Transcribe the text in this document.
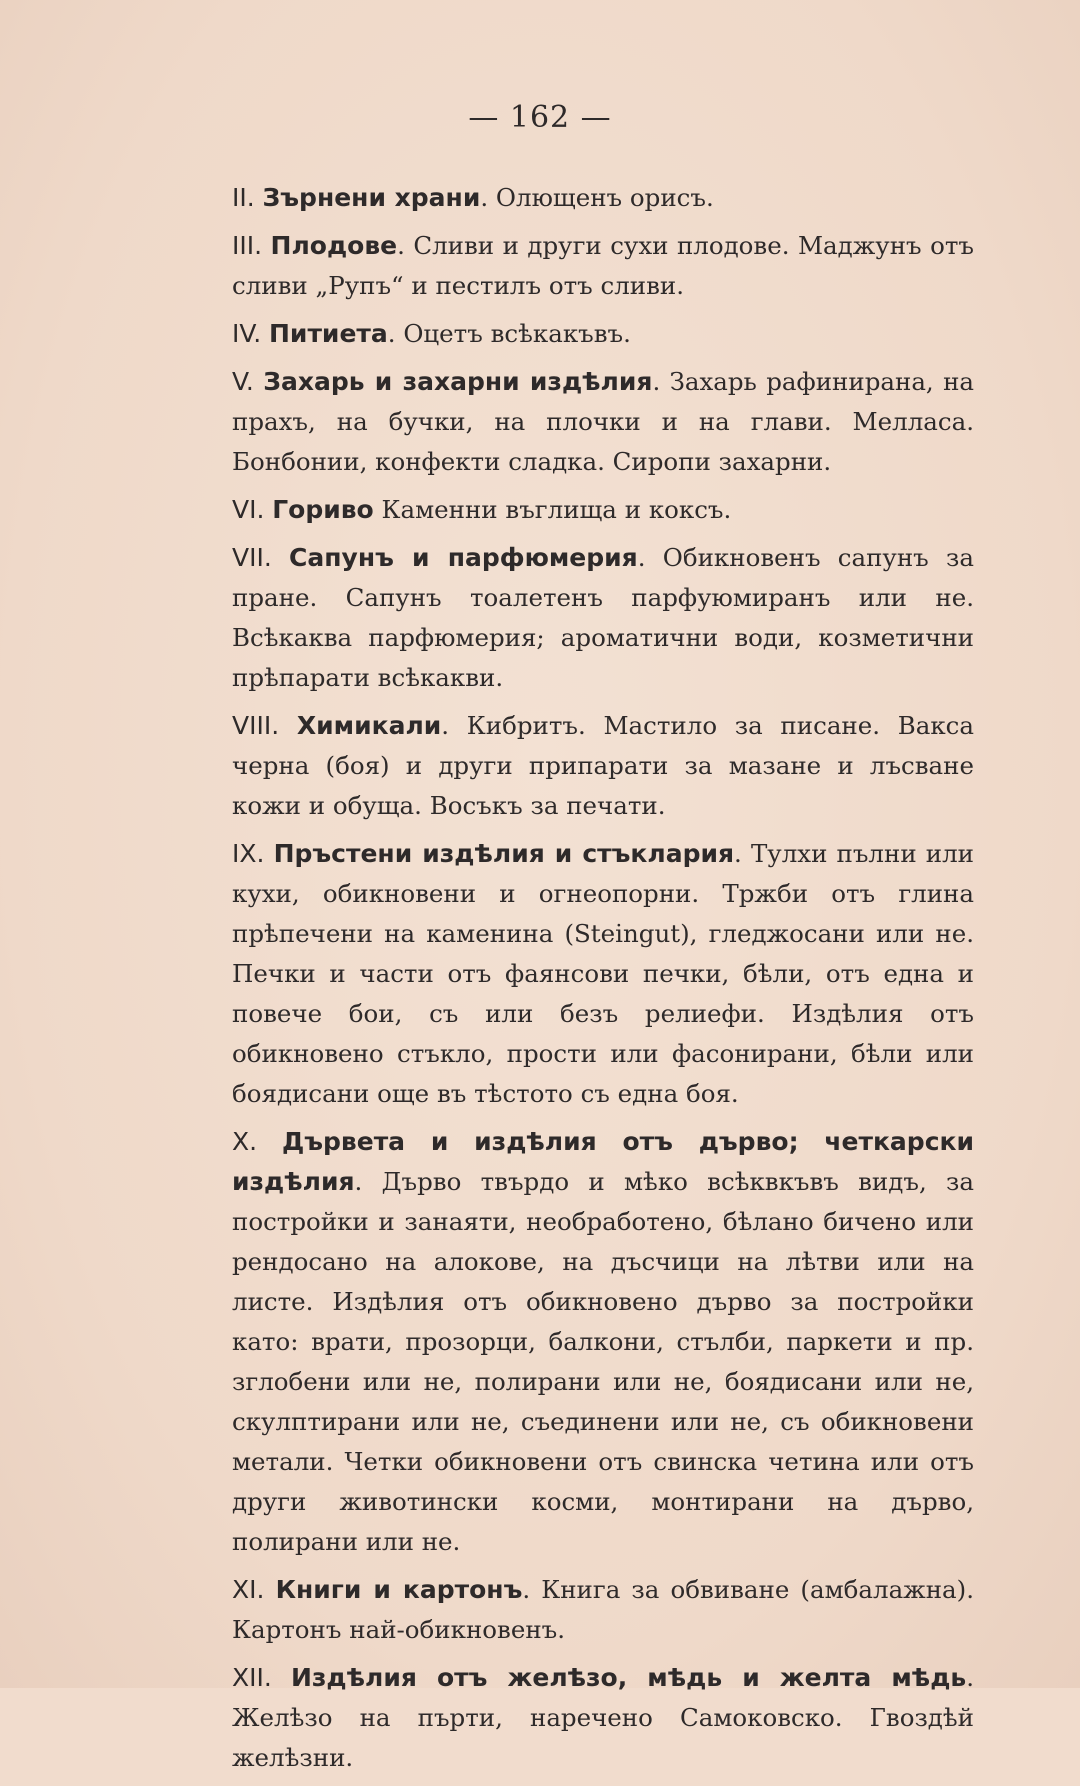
— 162 —

II. Зърнени храни. Олющенъ орисъ.

III. Плодове. Сливи и други сухи плодове. Маджунъ отъ сливи „Рупъ“ и пестилъ отъ сливи.

IV. Питиета. Оцетъ всѣкакъвъ.

V. Захарь и захарни издѣлия. Захарь рафинирана, на прахъ, на бучки, на плочки и на глави. Мелласа. Бонбонии, конфекти сладка. Сиропи захарни.

VI. Горивo Каменни въглища и коксъ.

VII. Сапунъ и парфюмерия. Обикновенъ сапунъ за пране. Сапунъ тоалетенъ парфуюмиранъ или не. Всѣкаква парфюмерия; ароматични води, козметични прѣпарати всѣкакви.

VIII. Химикали. Кибритъ. Мастило за писане. Вакса черна (боя) и други припарати за мазане и лъсване кожи и обуща. Восъкъ за печати.

IX. Пръстени издѣлия и стъклария. Тулхи пълни или кухи, обикновени и огнеопорни. Тржби отъ глина прѣпечени на каменина (Steingut), гледжосани или не. Печки и части отъ фаянсови печки, бѣли, отъ една и повече бои, съ или безъ релиефи. Издѣлия отъ обикновено стъкло, прости или фасонирани, бѣли или боядисани още въ тѣстото съ една боя.

X. Дървета и издѣлия отъ дърво; четкарски издѣлия. Дърво твърдо и мѣко всѣквкъвъ видъ, за постройки и занаяти, необработено, бѣлано бичено или рендосано на алокове, на дъсчици на лѣтви или на листе. Издѣлия отъ обикновено дърво за постройки като: врати, прозорци, балкони, стълби, паркети и пр. зглобени или не, полирани или не, боядисани или не, скулптирани или не, съединени или не, съ обикновени метали. Четки обикновени отъ свинска четина или отъ други животински косми, монтирани на дърво, полирани или не.

XI. Книги и картонъ. Книга за обвиване (амбалажна). Картонъ най-обикновенъ.

XII. Издѣлия отъ желѣзо, мѣдь и желта мѣдь. Желѣзо на пърти, наречено Самоковско. Гвоздѣй желѣзни.
